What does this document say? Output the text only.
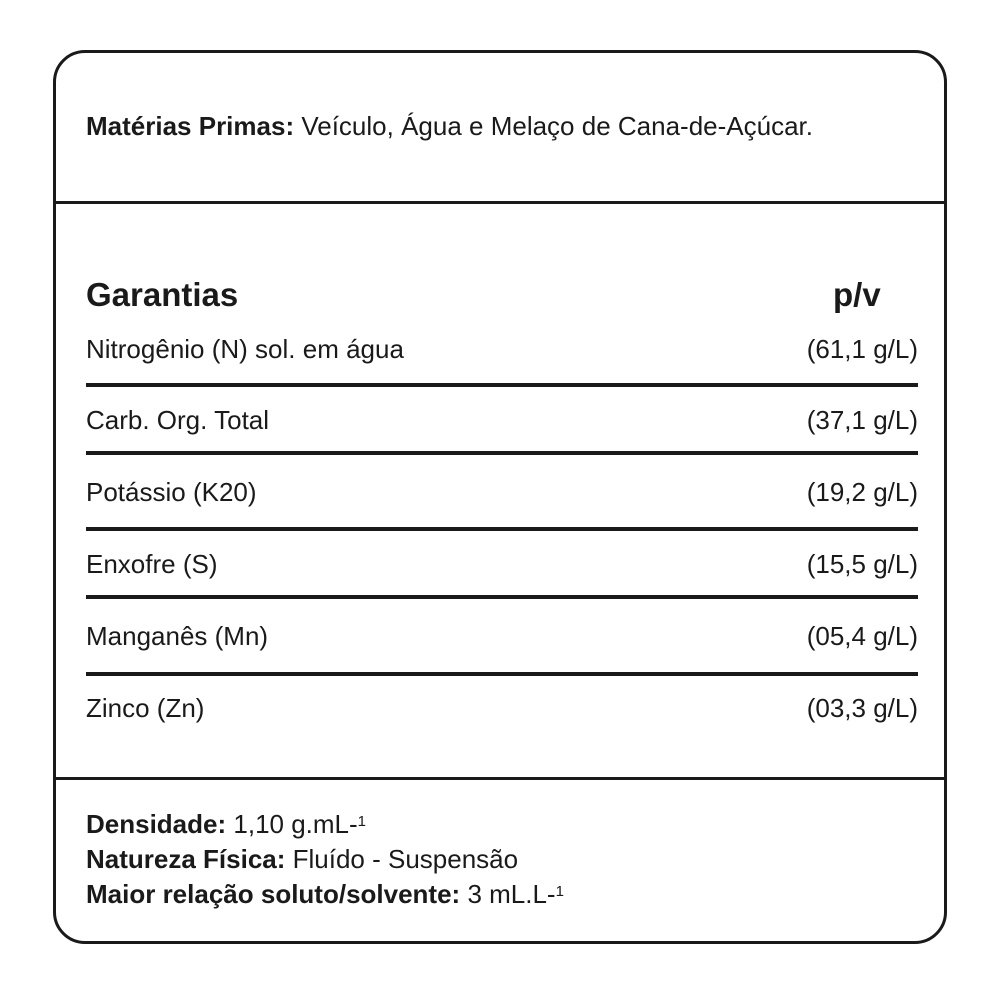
Matérias Primas: Veículo, Água e Melaço de Cana-de-Açúcar.
Garantias	p/v
Nitrogênio (N) sol. em água	(61,1 g/L)
Carb. Org. Total	(37,1 g/L)
Potássio (K20)	(19,2 g/L)
Enxofre (S)	(15,5 g/L)
Manganês (Mn)	(05,4 g/L)
Zinco (Zn)	(03,3 g/L)
Densidade: 1,10 g.mL-$^1$
Natureza Física: Fluído - Suspensão
Maior relação soluto/solvente: 3 mL.L-$^1$
